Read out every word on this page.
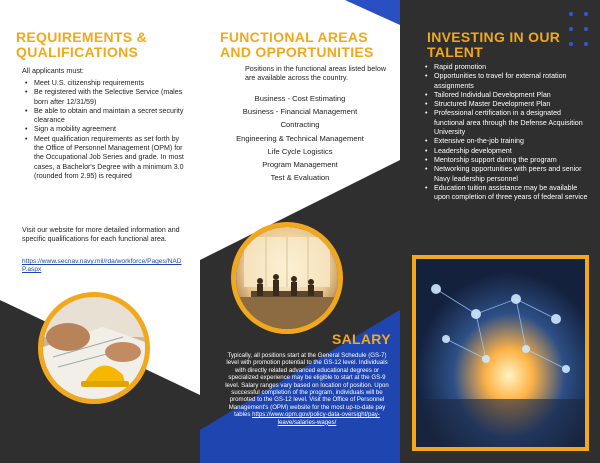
REQUIREMENTS &
QUALIFICATIONS
All applicants must:
• Meet U.S. citizenship requirements
• Be registered with the Selective Service (males born after 12/31/59)
• Be able to obtain and maintain a secret security clearance
• Sign a mobility agreement
• Meet qualification requirements as set forth by the Office of Personnel Management (OPM) for the Occupational Job Series and grade. In most cases, a Bachelor's Degree with a minimum 3.0 (rounded from 2.95) is required
Visit our website for more detailed information and specific qualifications for each functional area.
https://www.secnav.navy.mil/rda/workforce/Pages/NADP.aspx
FUNCTIONAL AREAS
AND OPPORTUNITIES
Positions in the functional areas listed below are available across the country.
Business - Cost Estimating
Business - Financial Management
Contracting
Engineering & Technical Management
Life Cycle Logistics
Program Management
Test & Evaluation
SALARY
Typically, all positions start at the General Schedule (GS-7) level with promotion potential to the GS-12 level. Individuals with directly related advanced educational degrees or specialized experience may be eligible to start at the GS-9 level. Salary ranges vary based on location of position. Upon successful completion of the program, individuals will be promoted to the GS-12 level. Visit the Office of Personnel Management's (OPM) website for the most up-to-date pay tables https://www.opm.gov/policy-data-oversight/pay-leave/salaries-wages/
INVESTING IN OUR
TALENT
• Rapid promotion
• Opportunities to travel for external rotation assignments
• Tailored Individual Development Plan
• Structured Master Development Plan
• Professional certification in a designated functional area through the Defense Acquisition University
• Extensive on-the-job training
• Leadership development
• Mentorship support during the program
• Networking opportunities with peers and senior Navy leadership personnel
• Education tuition assistance may be available upon completion of three years of federal service
